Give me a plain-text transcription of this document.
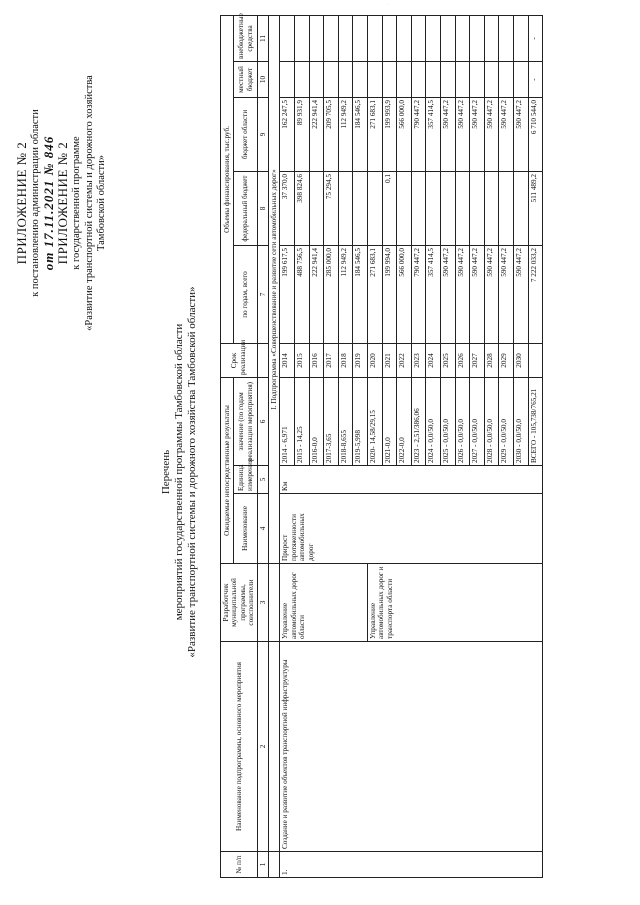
.
ПРИЛОЖЕНИЕ № 2 к постановлению администрации области от 17.11.2021 № 846 ПРИЛОЖЕНИЕ № 2 к государственной программе «Развитие транспортной системы и дорожного хозяйства Тамбовской области»
Перечень мероприятий государственной программы Тамбовской области «Развитие транспортной системы и дорожного хозяйства Тамбовской области»
№ п/п	Наименование подпрограммы, основного мероприятия	Разработчик муниципальной программы, соисполнители	Ожидаемые непосредственные результаты			Срок реализации	Объемы финансирования, тыс.руб.				
			Наименование	Единица измерения	значение (по годам реализации мероприятия)		по годам, всего	федеральный бюджет	бюджет области	местный бюджет	внебюджетные средства
1	2	3	4	5	6		7	8	9	10	11
			I. Подпрограмма «Совершенствование и развитие сети автомобильных дорог»								
1.	Создание и развитие объектов транспортной инфраструктуры	Управление автомобильных дорог области	Прирост протяженности автомобильных дорог	Км	2014 - 6,971	2014	199 617,5	37 370,0	162 247,5		
					2015 - 14,25	2015	488 756,5	398 824,6	89 931,9		
					2016-0,0	2016	222 941,4		222 941,4		
					2017-3,65	2017	285 000,0	75 294,5	209 705,5		
					2018-8,655	2018	112 949,2		112 949,2		
					2019-5,998	2019	184 546,5		184 546,5		
		Управление автомобильных дорог и транспорта области			2020- 14,58/29,15	2020	271 683,1		271 683,1		
					2021-0,0	2021	199 994,0	0,1	199 993,9		
					2022-0,0	2022	566 000,0		566 000,0		
					2023 - 2,51/386,06	2023	790 447,2		790 447,2		
					2024 - 0,0/50,0	2024	357 414,5		357 414,5		
					2025 - 0,0/50,0	2025	590 447,2		590 447,2		
					2026 - 0,0/50,0	2026	590 447,2		590 447,2		
					2027 - 0,0/50,0	2027	590 447,2		590 447,2		
					2028 - 0,0/50,0	2028	590 447,2		590 447,2		
					2029 - 0,0/50,0	2029	590 447,2		590 447,2		
					2030 - 0,0/50,0	2030	590 447,2		590 447,2		
					ВСЕГО - 105,738/765,21		7 222 033,2	511 489,2	6 710 544,0	-	-
